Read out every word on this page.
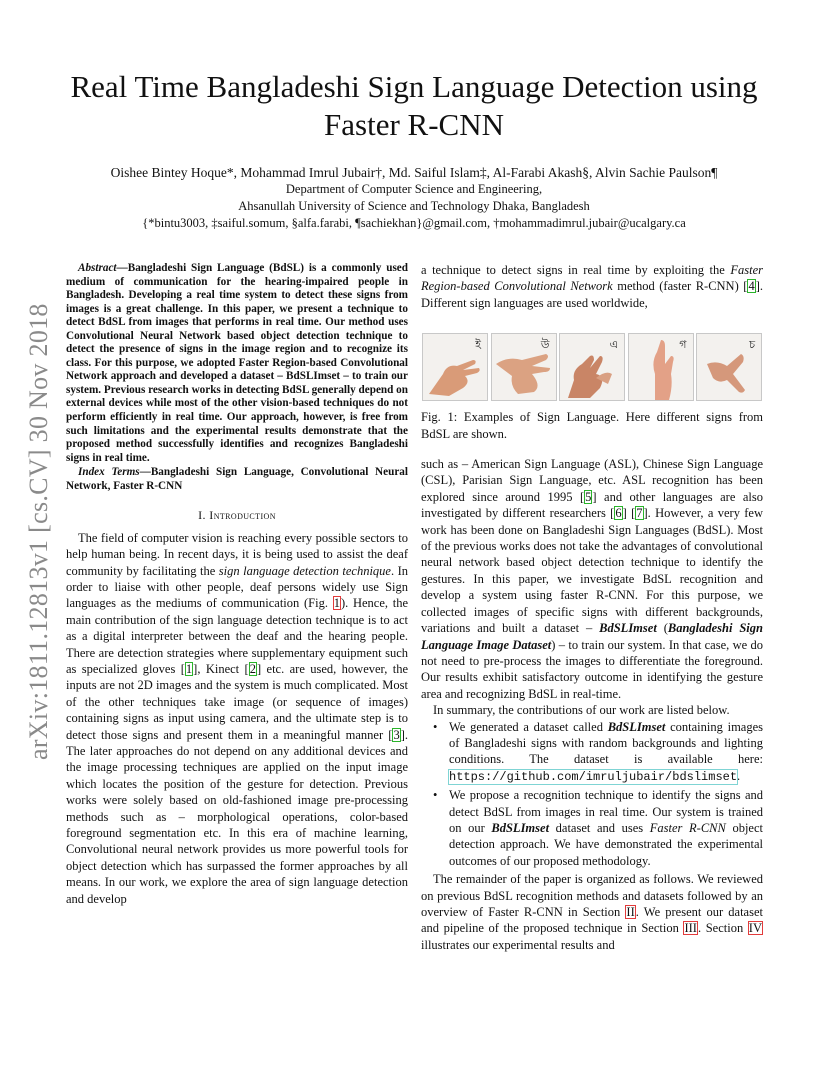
arXiv:1811.12813v1 [cs.CV] 30 Nov 2018
Real Time Bangladeshi Sign Language Detection using Faster R-CNN
Oishee Bintey Hoque*, Mohammad Imrul Jubair†, Md. Saiful Islam‡, Al-Farabi Akash§, Alvin Sachie Paulson¶
Department of Computer Science and Engineering,
Ahsanullah University of Science and Technology Dhaka, Bangladesh
{*bintu3003, ‡saiful.somum, §alfa.farabi, ¶sachiekhan}@gmail.com, †mohammadimrul.jubair@ucalgary.ca

Abstract—Bangladeshi Sign Language (BdSL) is a commonly used medium of communication for the hearing-impaired people in Bangladesh. Developing a real time system to detect these signs from images is a great challenge. In this paper, we present a technique to detect BdSL from images that performs in real time. Our method uses Convolutional Neural Network based object detection technique to detect the presence of signs in the image region and to recognize its class. For this purpose, we adopted Faster Region-based Convolutional Network approach and developed a dataset – BdSLImset – to train our system. Previous research works in detecting BdSL generally depend on external devices while most of the other vision-based techniques do not perform efficiently in real time. Our approach, however, is free from such limitations and the experimental results demonstrate that the proposed method successfully identifies and recognizes Bangladeshi signs in real time.

Index Terms—Bangladeshi Sign Language, Convolutional Neural Network, Faster R-CNN

I. Introduction

The field of computer vision is reaching every possible sectors to help human being. In recent days, it is being used to assist the deaf community by facilitating the sign language detection technique. In order to liaise with other people, deaf persons widely use Sign languages as the mediums of communication (Fig. 1). Hence, the main contribution of the sign language detection technique is to act as a digital interpreter between the deaf and the hearing people. There are detection strategies where supplementary equipment such as specialized gloves [1], Kinect [2] etc. are used, however, the inputs are not 2D images and the system is much complicated. Most of the other techniques take image (or sequence of images) containing signs as input using camera, and the ultimate step is to detect those signs and present them in a meaningful manner [3]. The later approaches do not depend on any additional devices and the image processing techniques are applied on the input image which locates the position of the gesture for detection. Previous works were solely based on old-fashioned image pre-processing methods such as – morphological operations, color-based foreground segmentation etc. In this era of machine learning, Convolutional neural network provides us more powerful tools for object detection which has surpassed the former approaches by all means. In our work, we explore the area of sign language detection and develop

a technique to detect signs in real time by exploiting the Faster Region-based Convolutional Network method (faster R-CNN) [4]. Different sign languages are used worldwide,

ই	উ	এ	গ	চ

Fig. 1: Examples of Sign Language. Here different signs from BdSL are shown.

such as – American Sign Language (ASL), Chinese Sign Language (CSL), Parisian Sign Language, etc. ASL recognition has been explored since around 1995 [5] and other languages are also investigated by different researchers [6] [7]. However, a very few work has been done on Bangladeshi Sign Languages (BdSL). Most of the previous works does not take the advantages of convolutional neural network based object detection technique to identify the gestures. In this paper, we investigate BdSL recognition and develop a system using faster R-CNN. For this purpose, we collected images of specific signs with different backgrounds, variations and built a dataset – BdSLImset (Bangladeshi Sign Language Image Dataset) – to train our system. In that case, we do not need to pre-process the images to differentiate the foreground. Our results exhibit satisfactory outcome in identifying the gesture area and recognizing BdSL in real-time.

In summary, the contributions of our work are listed below.

• We generated a dataset called BdSLImset containing images of Bangladeshi signs with random backgrounds and lighting conditions. The dataset is available here: https://github.com/imruljubair/bdslimset.
• We propose a recognition technique to identify the signs and detect BdSL from images in real time. Our system is trained on our BdSLImset dataset and uses Faster R-CNN object detection approach. We have demonstrated the experimental outcomes of our proposed methodology.

The remainder of the paper is organized as follows. We reviewed on previous BdSL recognition methods and datasets followed by an overview of Faster R-CNN in Section II. We present our dataset and pipeline of the proposed technique in Section III. Section IV illustrates our experimental results and
